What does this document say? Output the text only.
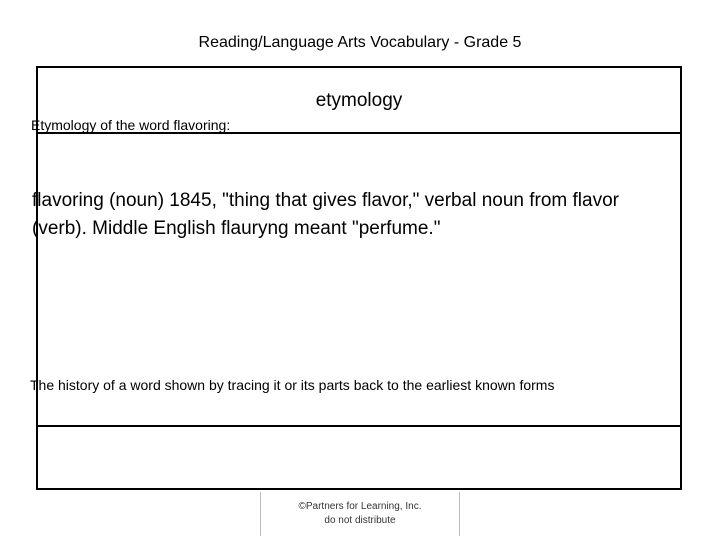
Reading/Language Arts Vocabulary - Grade 5
etymology
Etymology of the word flavoring:
flavoring (noun) 1845, "thing that gives flavor," verbal noun from flavor (verb). Middle English flauryng meant "perfume."
The history of a word shown by tracing it or its parts back to the earliest known forms
©Partners for Learning, Inc.
do not distribute
